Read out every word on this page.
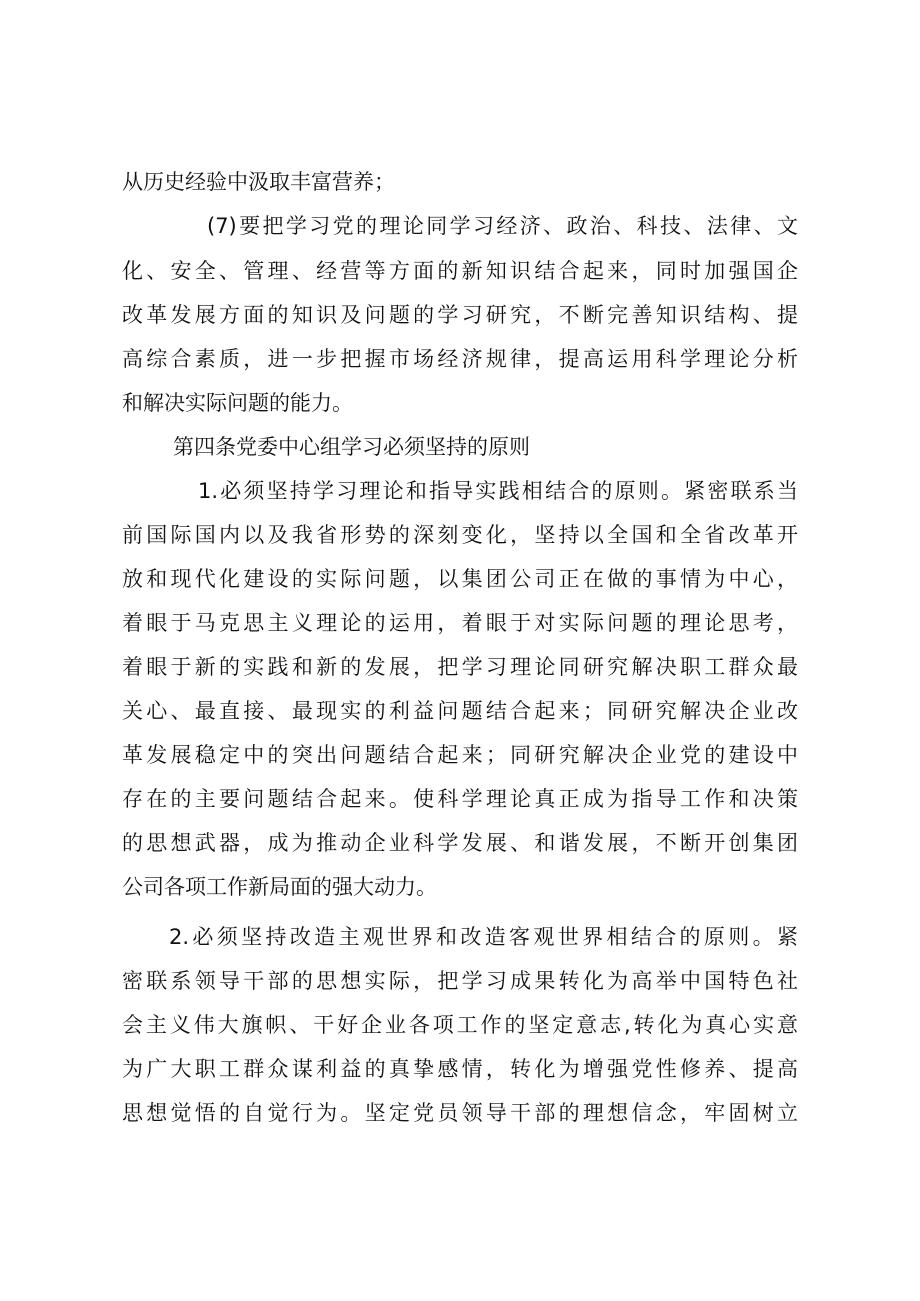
从历史经验中汲取丰富营养；
(7)要把学习党的理论同学习经济、政治、科技、法律、文
化、安全、管理、经营等方面的新知识结合起来，同时加强国企
改革发展方面的知识及问题的学习研究，不断完善知识结构、提
高综合素质，进一步把握市场经济规律，提高运用科学理论分析
和解决实际问题的能力。
第四条党委中心组学习必须坚持的原则
1.必须坚持学习理论和指导实践相结合的原则。紧密联系当
前国际国内以及我省形势的深刻变化，坚持以全国和全省改革开
放和现代化建设的实际问题，以集团公司正在做的事情为中心，
着眼于马克思主义理论的运用，着眼于对实际问题的理论思考，
着眼于新的实践和新的发展，把学习理论同研究解决职工群众最
关心、最直接、最现实的利益问题结合起来；同研究解决企业改
革发展稳定中的突出问题结合起来；同研究解决企业党的建设中
存在的主要问题结合起来。使科学理论真正成为指导工作和决策
的思想武器，成为推动企业科学发展、和谐发展，不断开创集团
公司各项工作新局面的强大动力。
2.必须坚持改造主观世界和改造客观世界相结合的原则。紧
密联系领导干部的思想实际，把学习成果转化为高举中国特色社
会主义伟大旗帜、干好企业各项工作的坚定意志,转化为真心实意
为广大职工群众谋利益的真挚感情，转化为增强党性修养、提高
思想觉悟的自觉行为。坚定党员领导干部的理想信念，牢固树立
